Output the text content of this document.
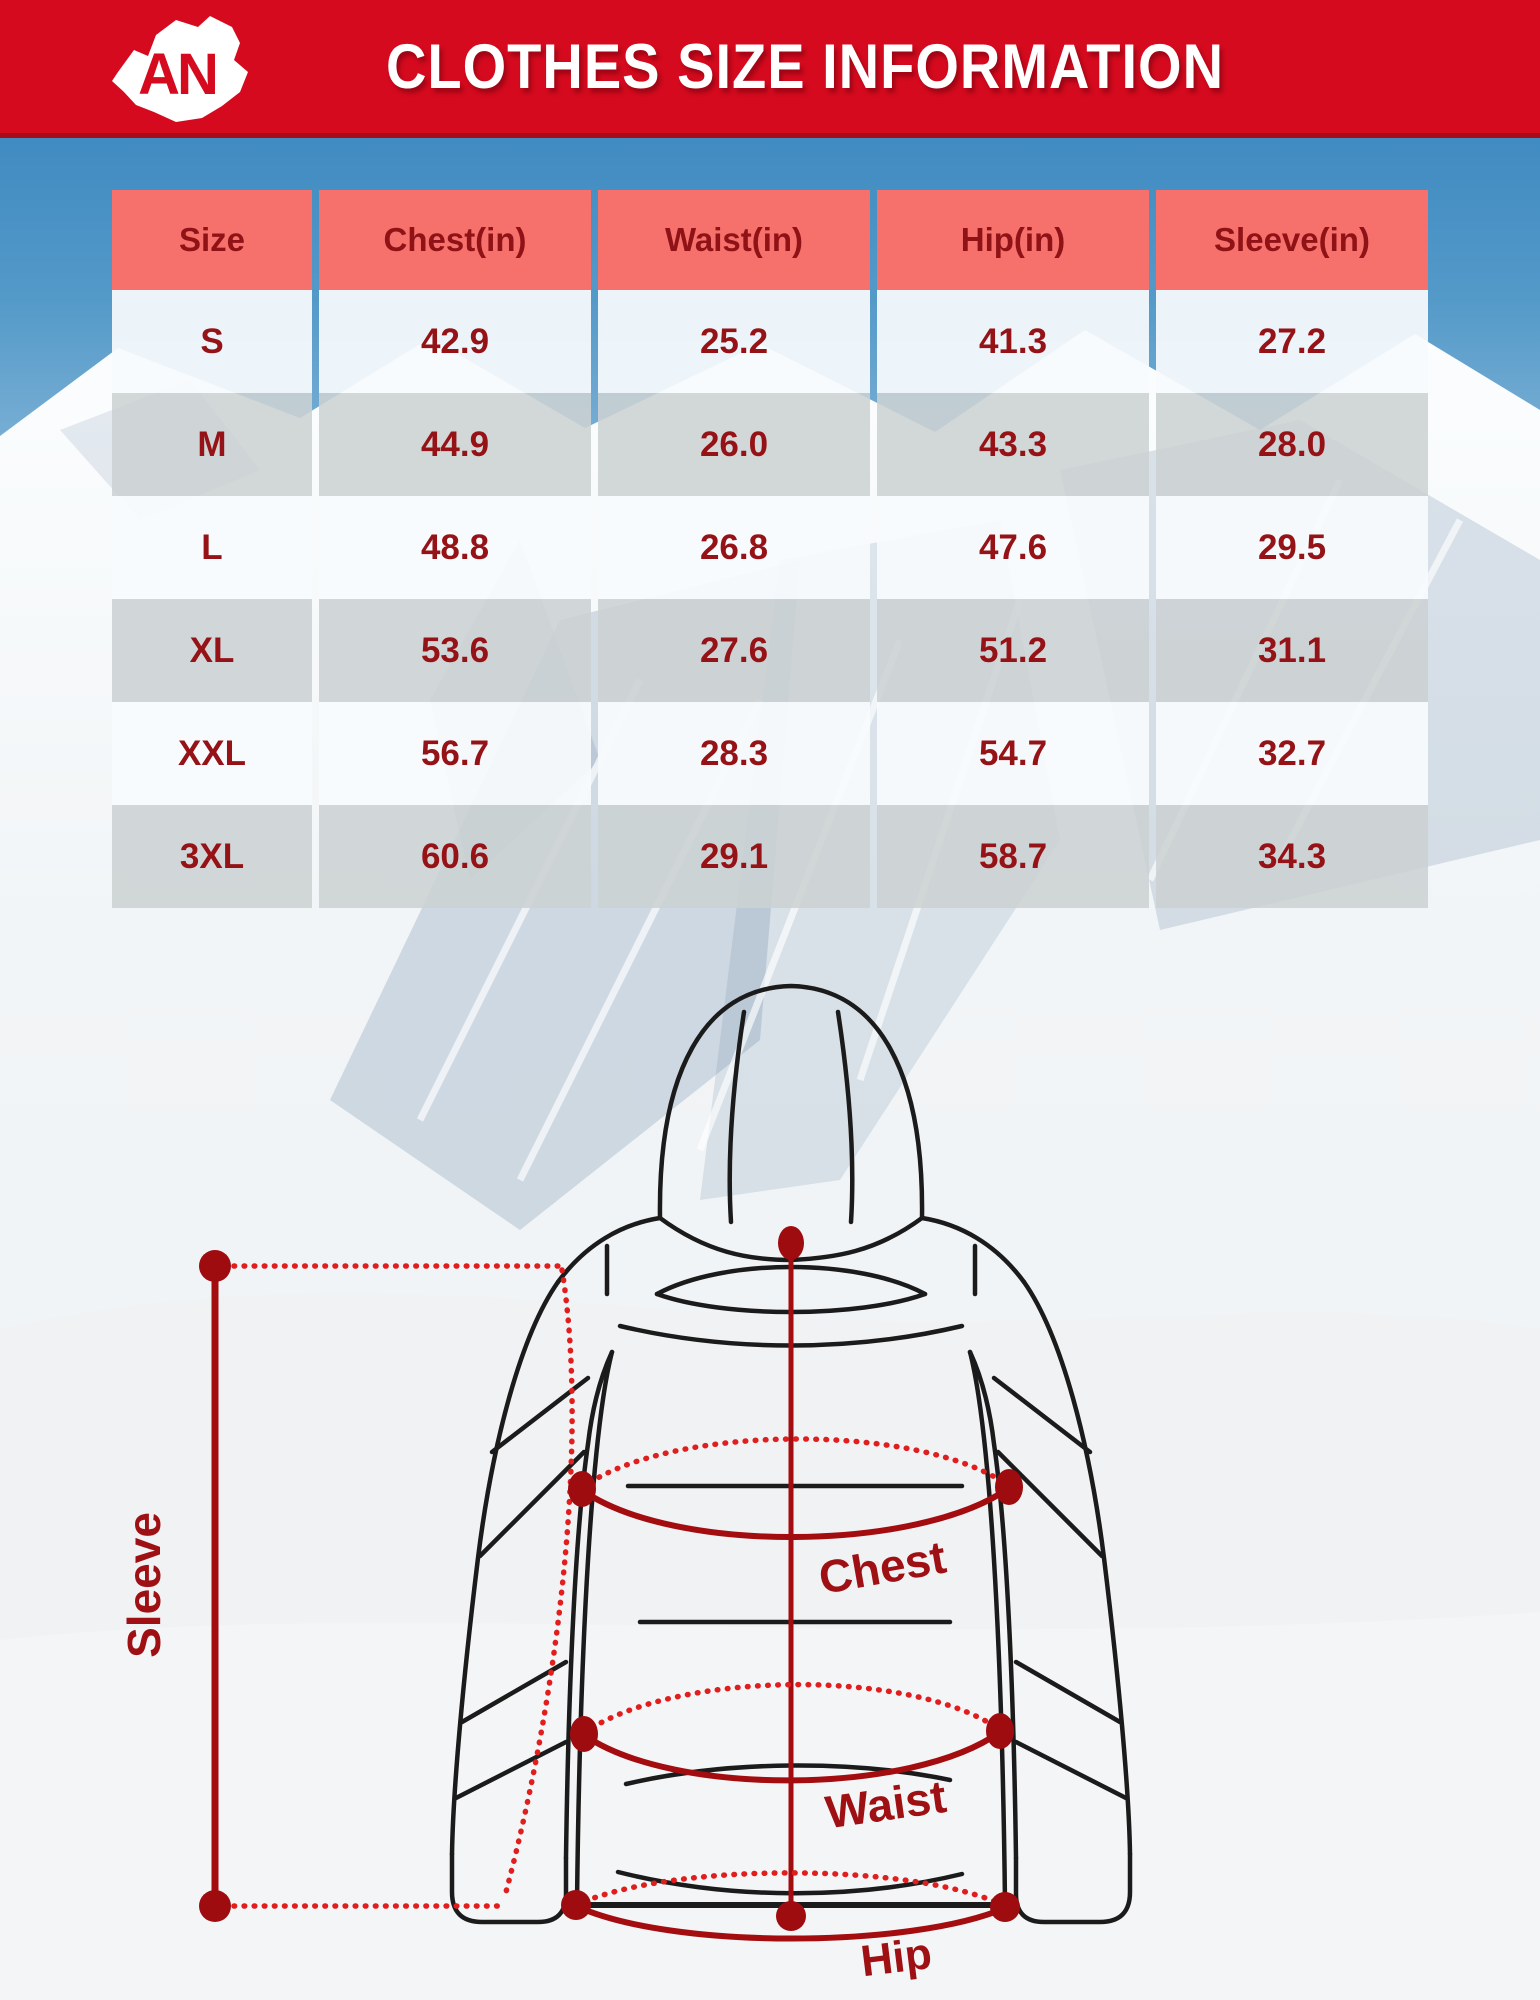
Sleeve	Chest
Waist
Hip
Size	Chest(in)	Waist(in)	Hip(in)	Sleeve(in)
S	42.9	25.2	41.3	27.2
M	44.9	26.0	43.3	28.0
L	48.8	26.8	47.6	29.5
XL	53.6	27.6	51.2	31.1
XXL	56.7	28.3	54.7	32.7
3XL	60.6	29.1	58.7	34.3
AN	CLOTHES SIZE INFORMATION
